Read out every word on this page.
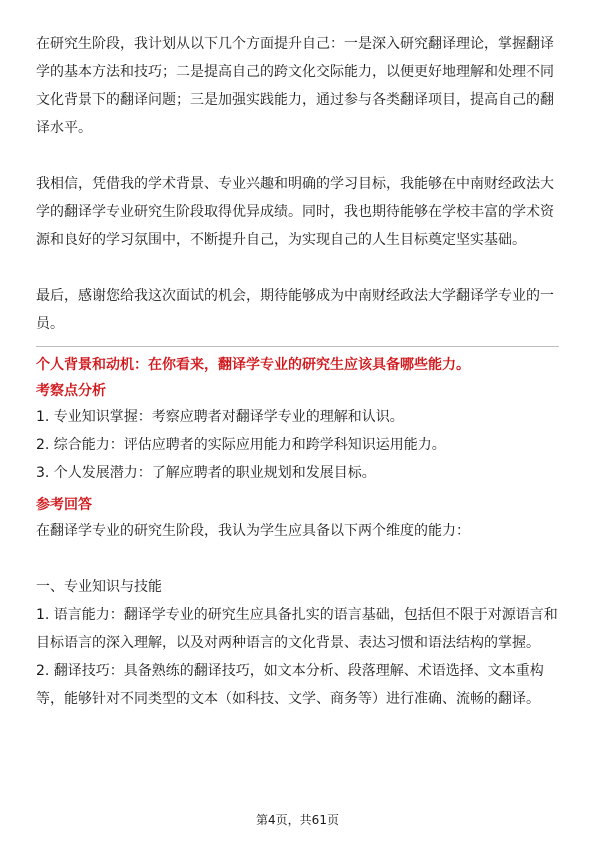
在研究生阶段，我计划从以下几个方面提升自己：一是深入研究翻译理论，掌握翻译学的基本方法和技巧；二是提高自己的跨文化交际能力，以便更好地理解和处理不同文化背景下的翻译问题；三是加强实践能力，通过参与各类翻译项目，提高自己的翻译水平。

我相信，凭借我的学术背景、专业兴趣和明确的学习目标，我能够在中南财经政法大学的翻译学专业研究生阶段取得优异成绩。同时，我也期待能够在学校丰富的学术资源和良好的学习氛围中，不断提升自己，为实现自己的人生目标奠定坚实基础。

最后，感谢您给我这次面试的机会，期待能够成为中南财经政法大学翻译学专业的一员。

个人背景和动机：在你看来，翻译学专业的研究生应该具备哪些能力。
考察点分析
1. 专业知识掌握：考察应聘者对翻译学专业的理解和认识。
2. 综合能力：评估应聘者的实际应用能力和跨学科知识运用能力。
3. 个人发展潜力：了解应聘者的职业规划和发展目标。
参考回答

在翻译学专业的研究生阶段，我认为学生应具备以下两个维度的能力：

一、专业知识与技能

1. 语言能力：翻译学专业的研究生应具备扎实的语言基础，包括但不限于对源语言和目标语言的深入理解，以及对两种语言的文化背景、表达习惯和语法结构的掌握。

2. 翻译技巧：具备熟练的翻译技巧，如文本分析、段落理解、术语选择、文本重构等，能够针对不同类型的文本（如科技、文学、商务等）进行准确、流畅的翻译。

第4页，共61页
